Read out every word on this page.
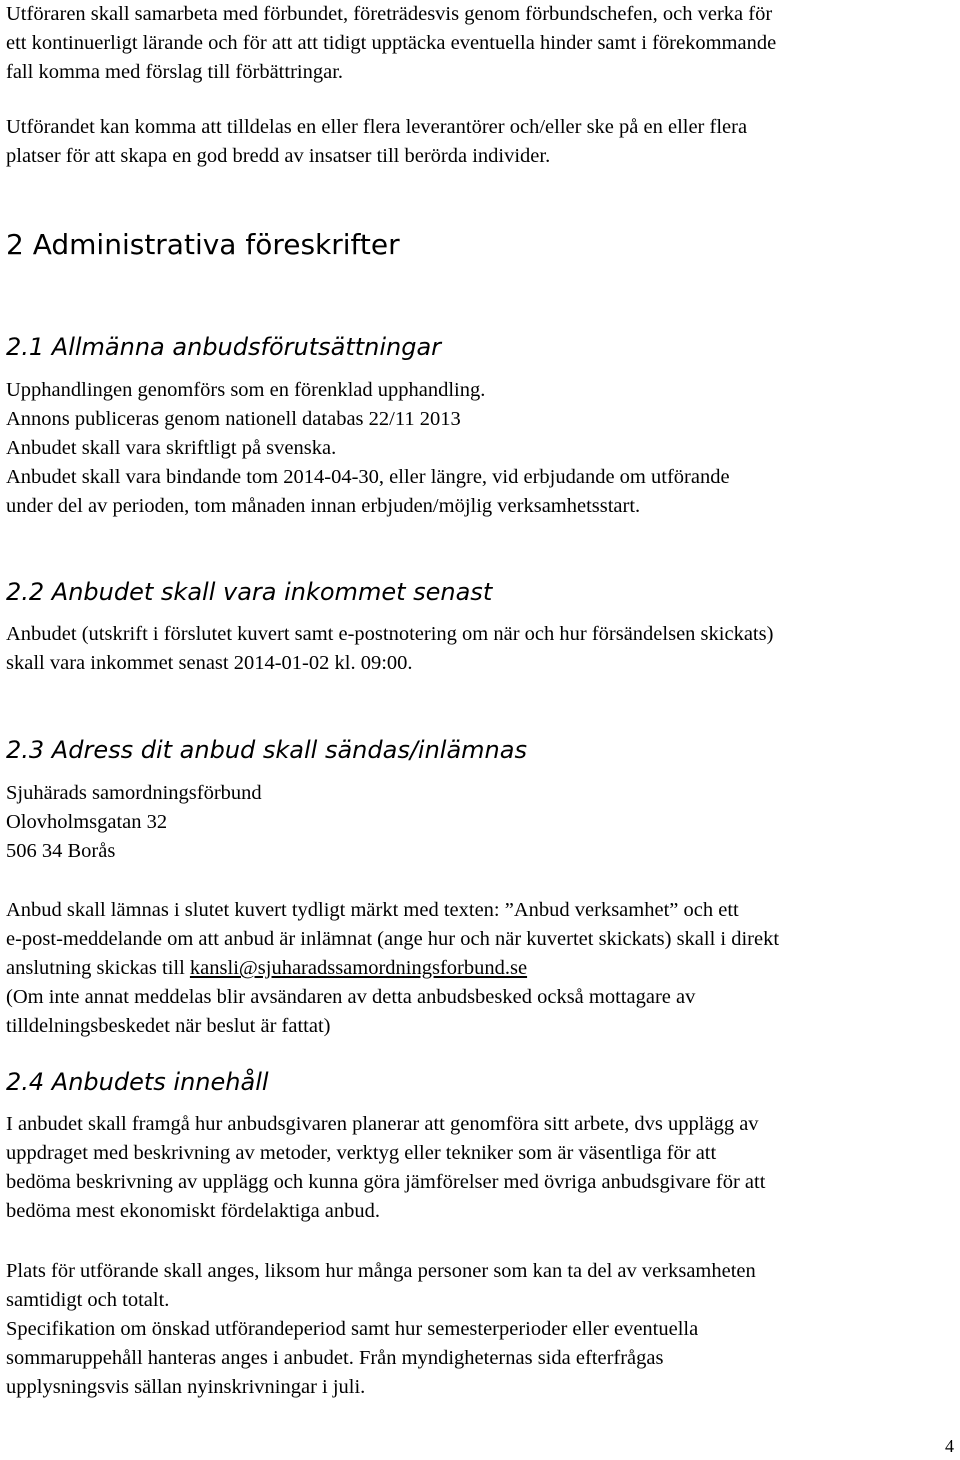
Utföraren skall samarbeta med förbundet, företrädesvis genom förbundschefen, och verka för
ett kontinuerligt lärande och för att att tidigt upptäcka eventuella hinder samt i förekommande
fall komma med förslag till förbättringar.

Utförandet kan komma att tilldelas en eller flera leverantörer och/eller ske på en eller flera
platser för att skapa en god bredd av insatser till berörda individer.

2 Administrativa föreskrifter
2.1 Allmänna anbudsförutsättningar

Upphandlingen genomförs som en förenklad upphandling.
Annons publiceras genom nationell databas 22/11 2013
Anbudet skall vara skriftligt på svenska.
Anbudet skall vara bindande tom 2014-04-30, eller längre, vid erbjudande om utförande
under del av perioden, tom månaden innan erbjuden/möjlig verksamhetsstart.

2.2 Anbudet skall vara inkommet senast

Anbudet (utskrift i förslutet kuvert samt e-postnotering om när och hur försändelsen skickats)
skall vara inkommet senast 2014-01-02 kl. 09:00.

2.3 Adress dit anbud skall sändas/inlämnas

Sjuhärads samordningsförbund
Olovholmsgatan 32
506 34 Borås

Anbud skall lämnas i slutet kuvert tydligt märkt med texten: ”Anbud verksamhet” och ett
e-post-meddelande om att anbud är inlämnat (ange hur och när kuvertet skickats) skall i direkt
anslutning skickas till kansli@sjuharadssamordningsforbund.se
(Om inte annat meddelas blir avsändaren av detta anbudsbesked också mottagare av
tilldelningsbeskedet när beslut är fattat)

2.4 Anbudets innehåll

I anbudet skall framgå hur anbudsgivaren planerar att genomföra sitt arbete, dvs upplägg av
uppdraget med beskrivning av metoder, verktyg eller tekniker som är väsentliga för att
bedöma beskrivning av upplägg och kunna göra jämförelser med övriga anbudsgivare för att
bedöma mest ekonomiskt fördelaktiga anbud.

Plats för utförande skall anges, liksom hur många personer som kan ta del av verksamheten
samtidigt och totalt.
Specifikation om önskad utförandeperiod samt hur semesterperioder eller eventuella
sommaruppehåll hanteras anges i anbudet. Från myndigheternas sida efterfrågas
upplysningsvis sällan nyinskrivningar i juli.

4
